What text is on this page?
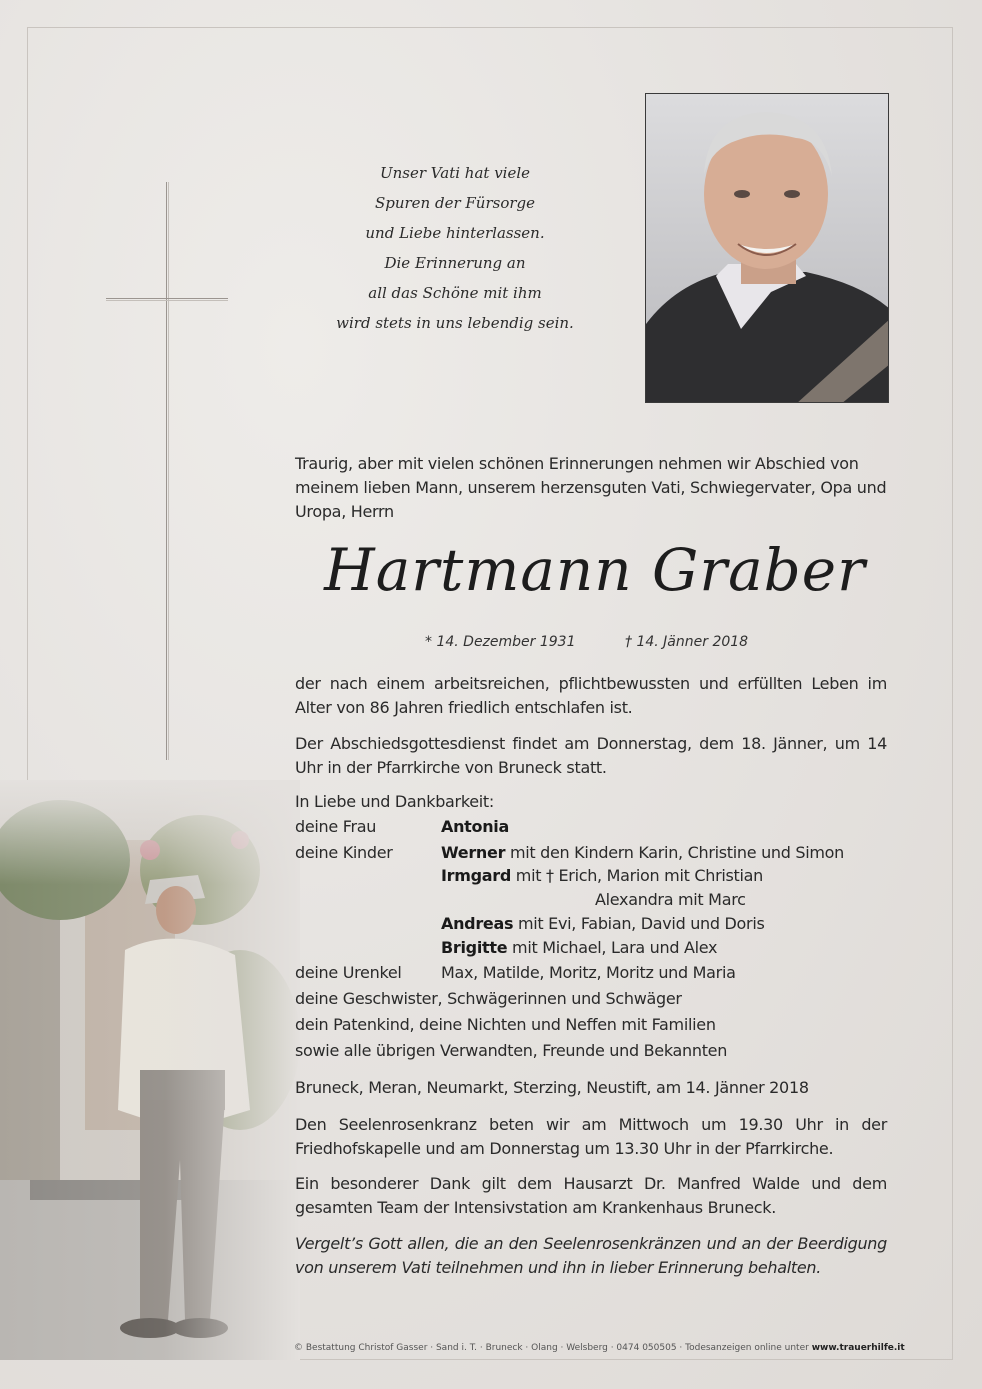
Unser Vati hat viele
Spuren der Fürsorge
und Liebe hinterlassen.
Die Erinnerung an
all das Schöne mit ihm
wird stets in uns lebendig sein.
Traurig, aber mit vielen schönen Erinnerungen nehmen wir Abschied von meinem lieben Mann, unserem herzensguten Vati, Schwiegervater, Opa und Uropa, Herrn
Hartmann Graber
* 14. Dezember 1931	† 14. Jänner 2018
der nach einem arbeitsreichen, pflichtbewussten und erfüllten Leben im Alter von 86 Jahren friedlich entschlafen ist.
Der Abschiedsgottesdienst findet am Donnerstag, dem 18. Jänner, um 14 Uhr in der Pfarrkirche von Bruneck statt.
In Liebe und Dankbarkeit:
deine Frau	Antonia
deine Kinder	Werner mit den Kindern Karin, Christine und Simon
Irmgard mit † Erich, Marion mit Christian
Alexandra mit Marc
Andreas mit Evi, Fabian, David und Doris
Brigitte mit Michael, Lara und Alex
deine Urenkel Max, Matilde, Moritz, Moritz und Maria
deine Geschwister, Schwägerinnen und Schwäger
dein Patenkind, deine Nichten und Neffen mit Familien
sowie alle übrigen Verwandten, Freunde und Bekannten
Bruneck, Meran, Neumarkt, Sterzing, Neustift, am 14. Jänner 2018
Den Seelenrosenkranz beten wir am Mittwoch um 19.30 Uhr in der Friedhofskapelle und am Donnerstag um 13.30 Uhr in der Pfarrkirche.
Ein besonderer Dank gilt dem Hausarzt Dr. Manfred Walde und dem gesamten Team der Intensivstation am Krankenhaus Bruneck.
Vergelt’s Gott allen, die an den Seelenrosenkränzen und an der Beerdigung von unserem Vati teilnehmen und ihn in lieber Erinnerung behalten.
© Bestattung Christof Gasser · Sand i. T. · Bruneck · Olang · Welsberg · 0474 050505 · Todesanzeigen online unter www.trauerhilfe.it
